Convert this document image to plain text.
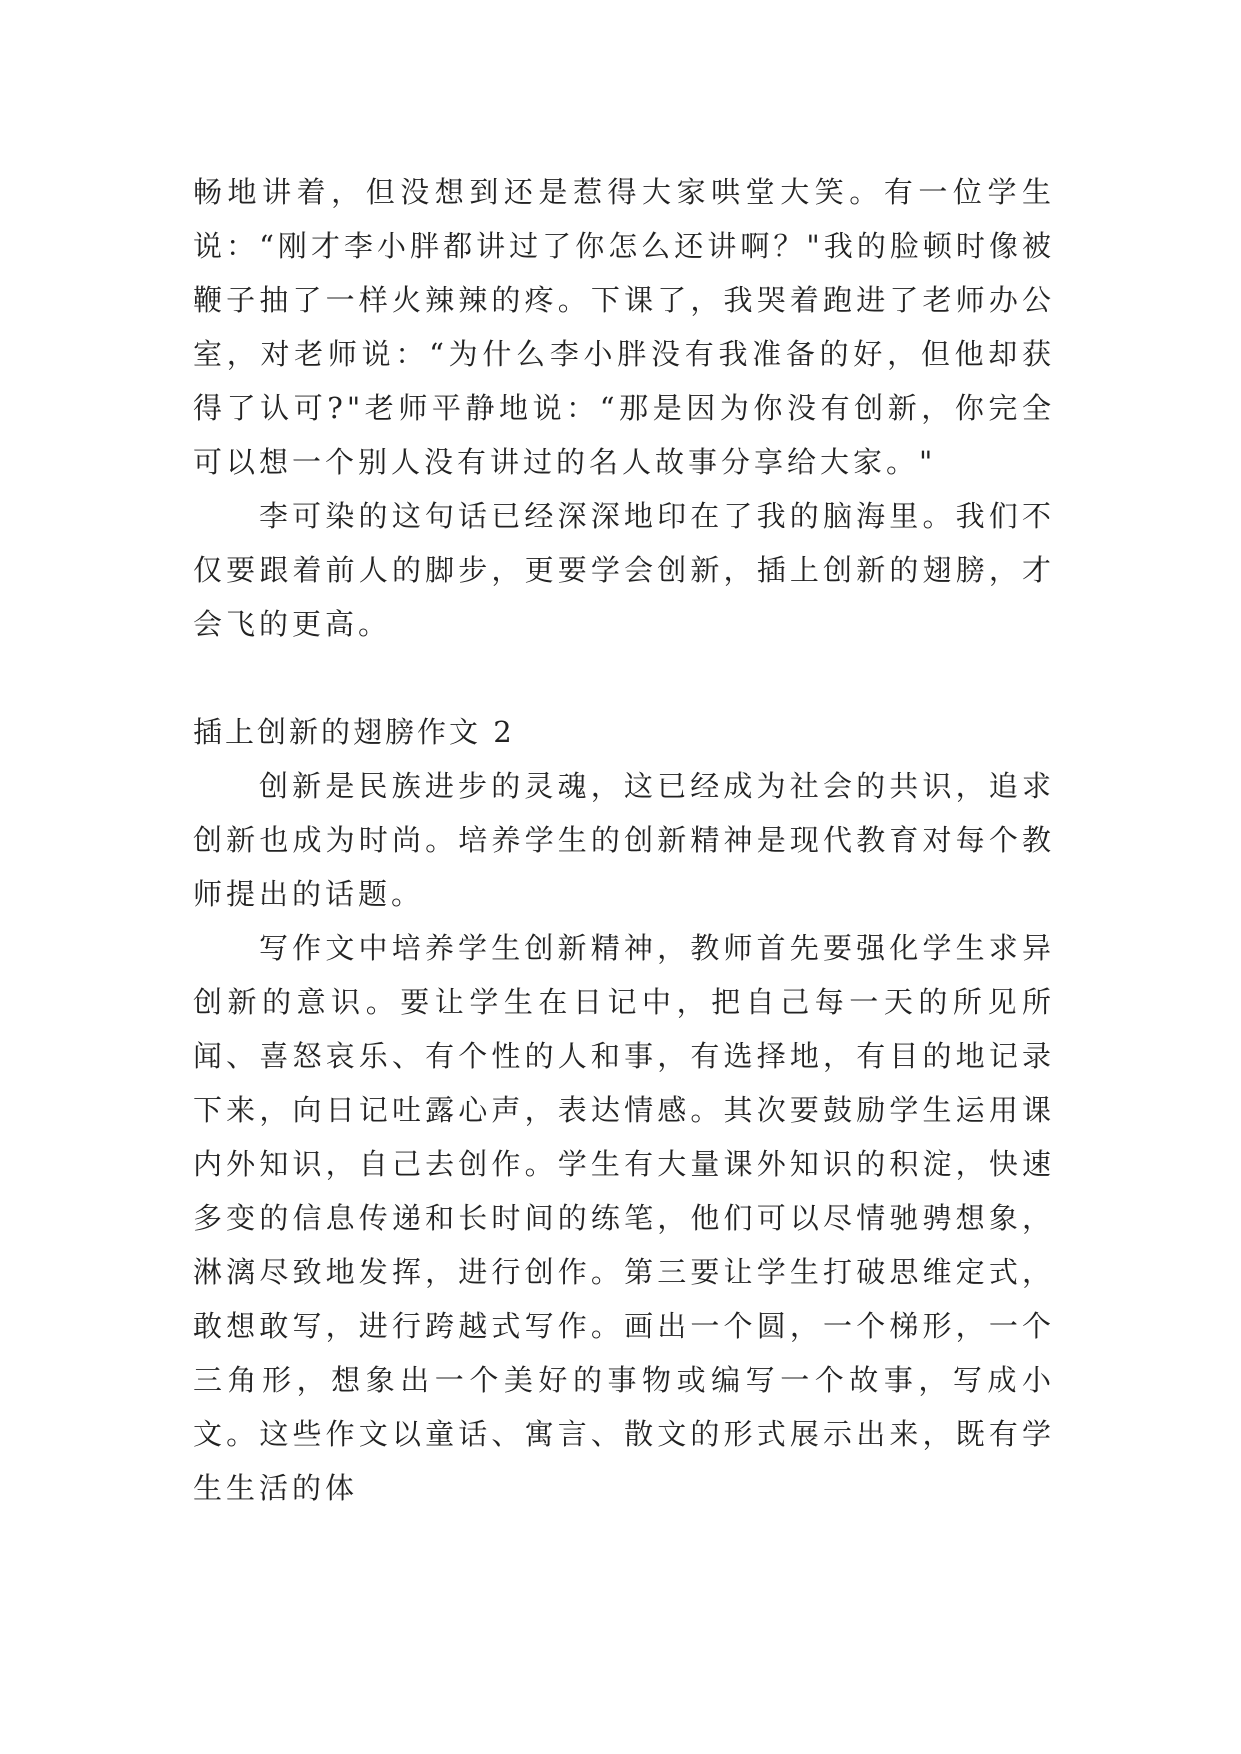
畅地讲着，但没想到还是惹得大家哄堂大笑。有一位学生说：“刚才李小胖都讲过了你怎么还讲啊？"我的脸顿时像被鞭子抽了一样火辣辣的疼。下课了，我哭着跑进了老师办公室，对老师说：“为什么李小胖没有我准备的好，但他却获得了认可?"老师平静地说：“那是因为你没有创新，你完全可以想一个别人没有讲过的名人故事分享给大家。"

李可染的这句话已经深深地印在了我的脑海里。我们不仅要跟着前人的脚步，更要学会创新，插上创新的翅膀，才会飞的更高。

插上创新的翅膀作文 2

创新是民族进步的灵魂，这已经成为社会的共识，追求创新也成为时尚。培养学生的创新精神是现代教育对每个教师提出的话题。

写作文中培养学生创新精神，教师首先要强化学生求异创新的意识。要让学生在日记中，把自己每一天的所见所闻、喜怒哀乐、有个性的人和事，有选择地，有目的地记录下来，向日记吐露心声，表达情感。其次要鼓励学生运用课内外知识，自己去创作。学生有大量课外知识的积淀，快速多变的信息传递和长时间的练笔，他们可以尽情驰骋想象，淋漓尽致地发挥，进行创作。第三要让学生打破思维定式，敢想敢写，进行跨越式写作。画出一个圆，一个梯形，一个三角形，想象出一个美好的事物或编写一个故事，写成小文。这些作文以童话、寓言、散文的形式展示出来，既有学生生活的体
